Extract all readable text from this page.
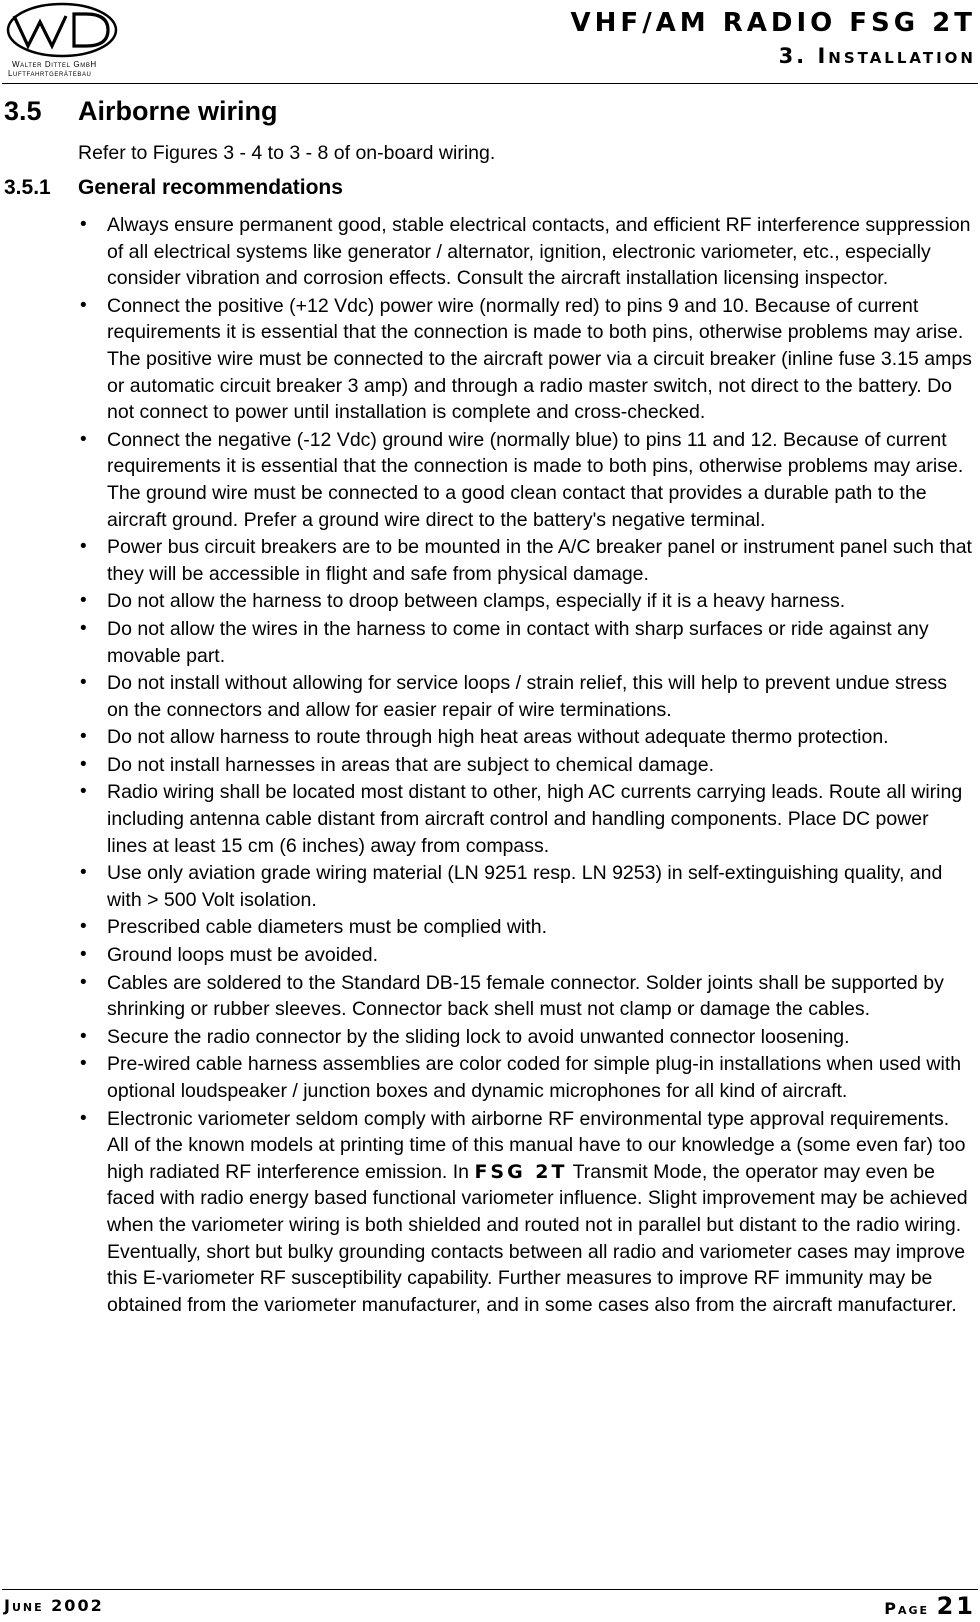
Walter Dittel GmbH
Luftfahrtgerätebau
VHF/AM RADIO FSG 2T
3. Installation
3.5 Airborne wiring
Refer to Figures 3 - 4 to 3 - 8 of on-board wiring.
3.5.1 General recommendations
• Always ensure permanent good, stable electrical contacts, and efficient RF interference suppression of all electrical systems like generator / alternator, ignition, electronic variometer, etc., especially consider vibration and corrosion effects. Consult the aircraft installation licensing inspector.
• Connect the positive (+12 Vdc) power wire (normally red) to pins 9 and 10. Because of current requirements it is essential that the connection is made to both pins, otherwise problems may arise. The positive wire must be connected to the aircraft power via a circuit breaker (inline fuse 3.15 amps or automatic circuit breaker 3 amp) and through a radio master switch, not direct to the battery. Do not connect to power until installation is complete and cross-checked.
• Connect the negative (-12 Vdc) ground wire (normally blue) to pins 11 and 12. Because of current requirements it is essential that the connection is made to both pins, otherwise problems may arise. The ground wire must be connected to a good clean contact that provides a durable path to the aircraft ground. Prefer a ground wire direct to the battery's negative terminal.
• Power bus circuit breakers are to be mounted in the A/C breaker panel or instrument panel such that they will be accessible in flight and safe from physical damage.
• Do not allow the harness to droop between clamps, especially if it is a heavy harness.
• Do not allow the wires in the harness to come in contact with sharp surfaces or ride against any movable part.
• Do not install without allowing for service loops / strain relief, this will help to prevent undue stress on the connectors and allow for easier repair of wire terminations.
• Do not allow harness to route through high heat areas without adequate thermo protection.
• Do not install harnesses in areas that are subject to chemical damage.
• Radio wiring shall be located most distant to other, high AC currents carrying leads. Route all wiring including antenna cable distant from aircraft control and handling components. Place DC power lines at least 15 cm (6 inches) away from compass.
• Use only aviation grade wiring material (LN 9251 resp. LN 9253) in self-extinguishing quality, and with > 500 Volt isolation.
• Prescribed cable diameters must be complied with.
• Ground loops must be avoided.
• Cables are soldered to the Standard DB-15 female connector. Solder joints shall be supported by shrinking or rubber sleeves. Connector back shell must not clamp or damage the cables.
• Secure the radio connector by the sliding lock to avoid unwanted connector loosening.
• Pre-wired cable harness assemblies are color coded for simple plug-in installations when used with optional loudspeaker / junction boxes and dynamic microphones for all kind of aircraft.
• Electronic variometer seldom comply with airborne RF environmental type approval requirements. All of the known models at printing time of this manual have to our knowledge a (some even far) too high radiated RF interference emission. In FSG 2T Transmit Mode, the operator may even be faced with radio energy based functional variometer influence. Slight improvement may be achieved when the variometer wiring is both shielded and routed not in parallel but distant to the radio wiring. Eventually, short but bulky grounding contacts between all radio and variometer cases may improve this E-variometer RF susceptibility capability. Further measures to improve RF immunity may be obtained from the variometer manufacturer, and in some cases also from the aircraft manufacturer.
June 2002	Page 21
